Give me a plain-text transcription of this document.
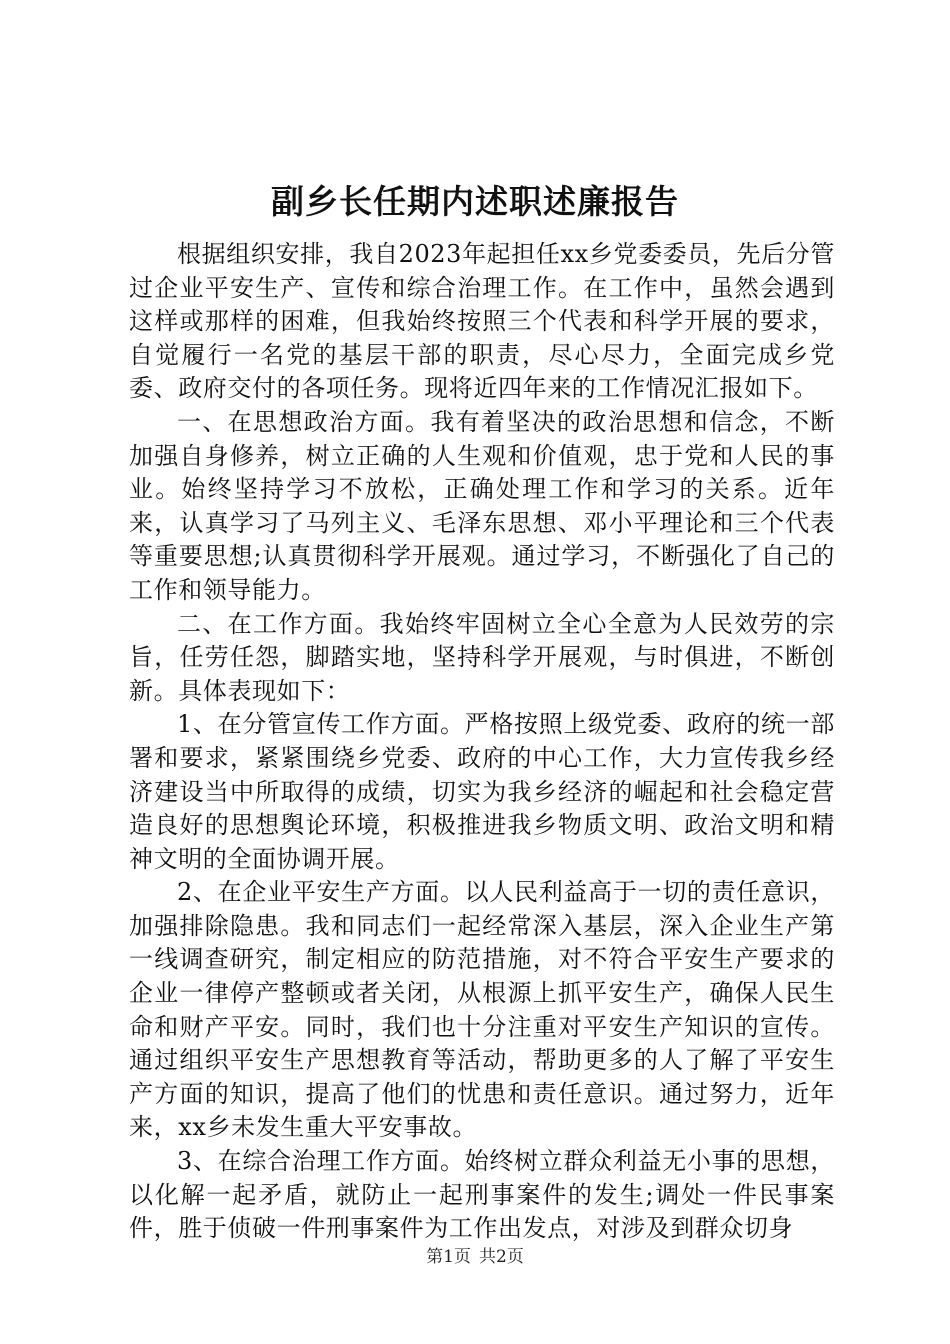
副乡长任期内述职述廉报告

根据组织安排，我自2023年起担任xx乡党委委员，先后分管过企业平安生产、宣传和综合治理工作。在工作中，虽然会遇到这样或那样的困难，但我始终按照三个代表和科学开展的要求，自觉履行一名党的基层干部的职责，尽心尽力，全面完成乡党委、政府交付的各项任务。现将近四年来的工作情况汇报如下。

一、在思想政治方面。我有着坚决的政治思想和信念，不断加强自身修养，树立正确的人生观和价值观，忠于党和人民的事业。始终坚持学习不放松，正确处理工作和学习的关系。近年来，认真学习了马列主义、毛泽东思想、邓小平理论和三个代表等重要思想;认真贯彻科学开展观。通过学习，不断强化了自己的工作和领导能力。

二、在工作方面。我始终牢固树立全心全意为人民效劳的宗旨，任劳任怨，脚踏实地，坚持科学开展观，与时俱进，不断创新。具体表现如下：

1、在分管宣传工作方面。严格按照上级党委、政府的统一部署和要求，紧紧围绕乡党委、政府的中心工作，大力宣传我乡经济建设当中所取得的成绩，切实为我乡经济的崛起和社会稳定营造良好的思想舆论环境，积极推进我乡物质文明、政治文明和精神文明的全面协调开展。

2、在企业平安生产方面。以人民利益高于一切的责任意识，加强排除隐患。我和同志们一起经常深入基层，深入企业生产第一线调查研究，制定相应的防范措施，对不符合平安生产要求的企业一律停产整顿或者关闭，从根源上抓平安生产，确保人民生命和财产平安。同时，我们也十分注重对平安生产知识的宣传。通过组织平安生产思想教育等活动，帮助更多的人了解了平安生产方面的知识，提高了他们的忧患和责任意识。通过努力，近年来，xx乡未发生重大平安事故。

3、在综合治理工作方面。始终树立群众利益无小事的思想，以化解一起矛盾，就防止一起刑事案件的发生;调处一件民事案件，胜于侦破一件刑事案件为工作出发点，对涉及到群众切身

第1页 共2页
